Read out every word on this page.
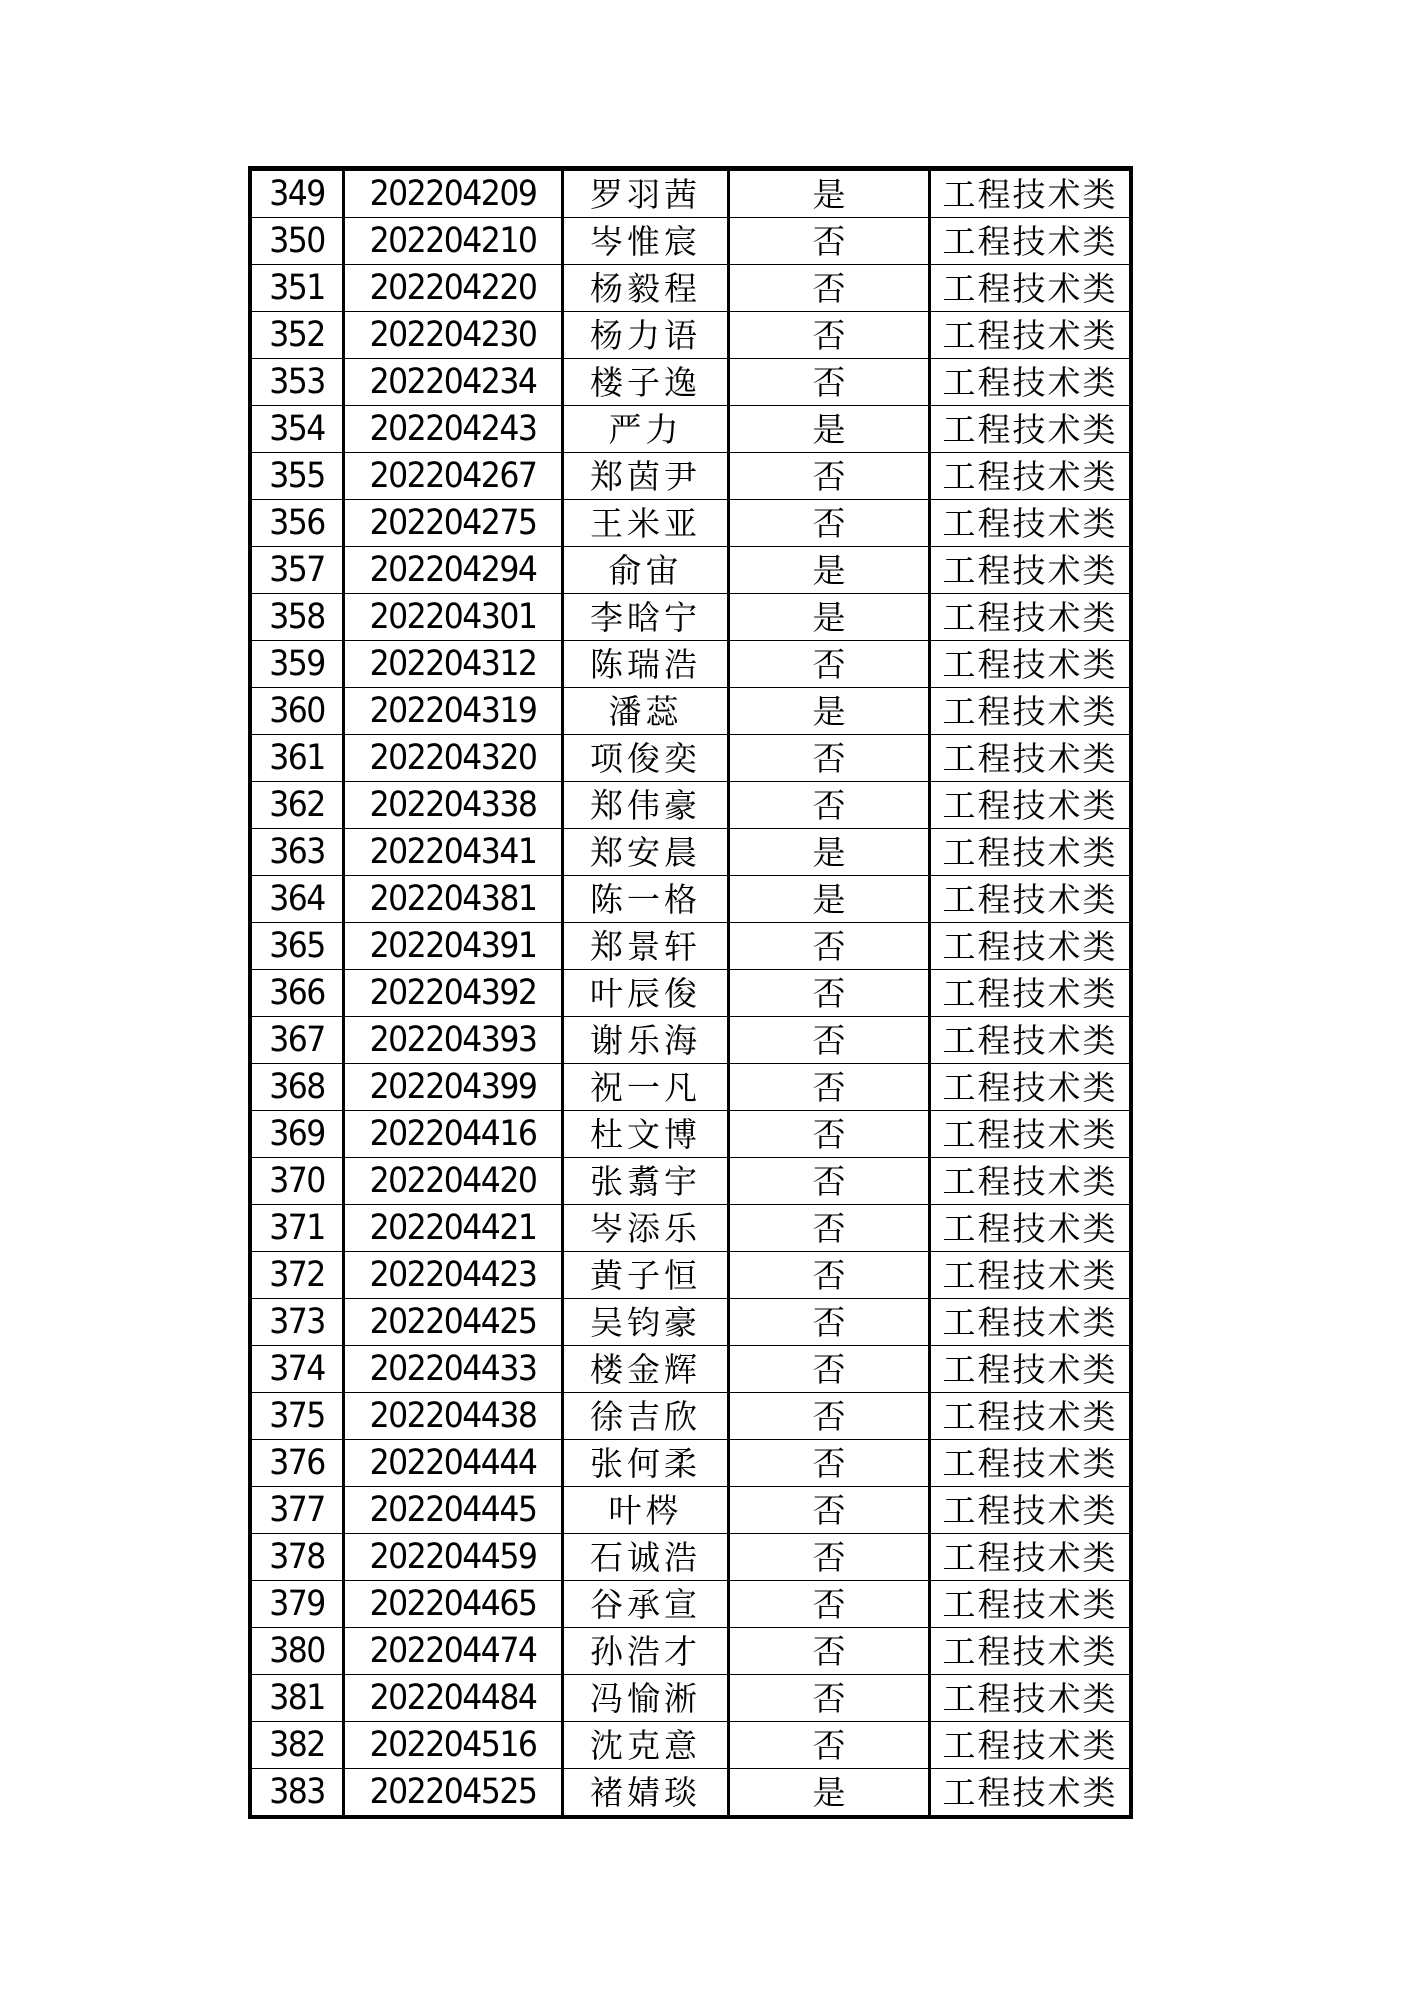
349	202204209	罗羽茜	是	工程技术类
350	202204210	岑惟宸	否	工程技术类
351	202204220	杨毅程	否	工程技术类
352	202204230	杨力语	否	工程技术类
353	202204234	楼子逸	否	工程技术类
354	202204243	严力	是	工程技术类
355	202204267	郑茵尹	否	工程技术类
356	202204275	王米亚	否	工程技术类
357	202204294	俞宙	是	工程技术类
358	202204301	李晗宁	是	工程技术类
359	202204312	陈瑞浩	否	工程技术类
360	202204319	潘蕊	是	工程技术类
361	202204320	项俊奕	否	工程技术类
362	202204338	郑伟豪	否	工程技术类
363	202204341	郑安晨	是	工程技术类
364	202204381	陈一格	是	工程技术类
365	202204391	郑景轩	否	工程技术类
366	202204392	叶辰俊	否	工程技术类
367	202204393	谢乐海	否	工程技术类
368	202204399	祝一凡	否	工程技术类
369	202204416	杜文博	否	工程技术类
370	202204420	张翥宇	否	工程技术类
371	202204421	岑添乐	否	工程技术类
372	202204423	黄子恒	否	工程技术类
373	202204425	吴钧豪	否	工程技术类
374	202204433	楼金辉	否	工程技术类
375	202204438	徐吉欣	否	工程技术类
376	202204444	张何柔	否	工程技术类
377	202204445	叶梣	否	工程技术类
378	202204459	石诚浩	否	工程技术类
379	202204465	谷承宣	否	工程技术类
380	202204474	孙浩才	否	工程技术类
381	202204484	冯愉淅	否	工程技术类
382	202204516	沈克意	否	工程技术类
383	202204525	褚婧琰	是	工程技术类
